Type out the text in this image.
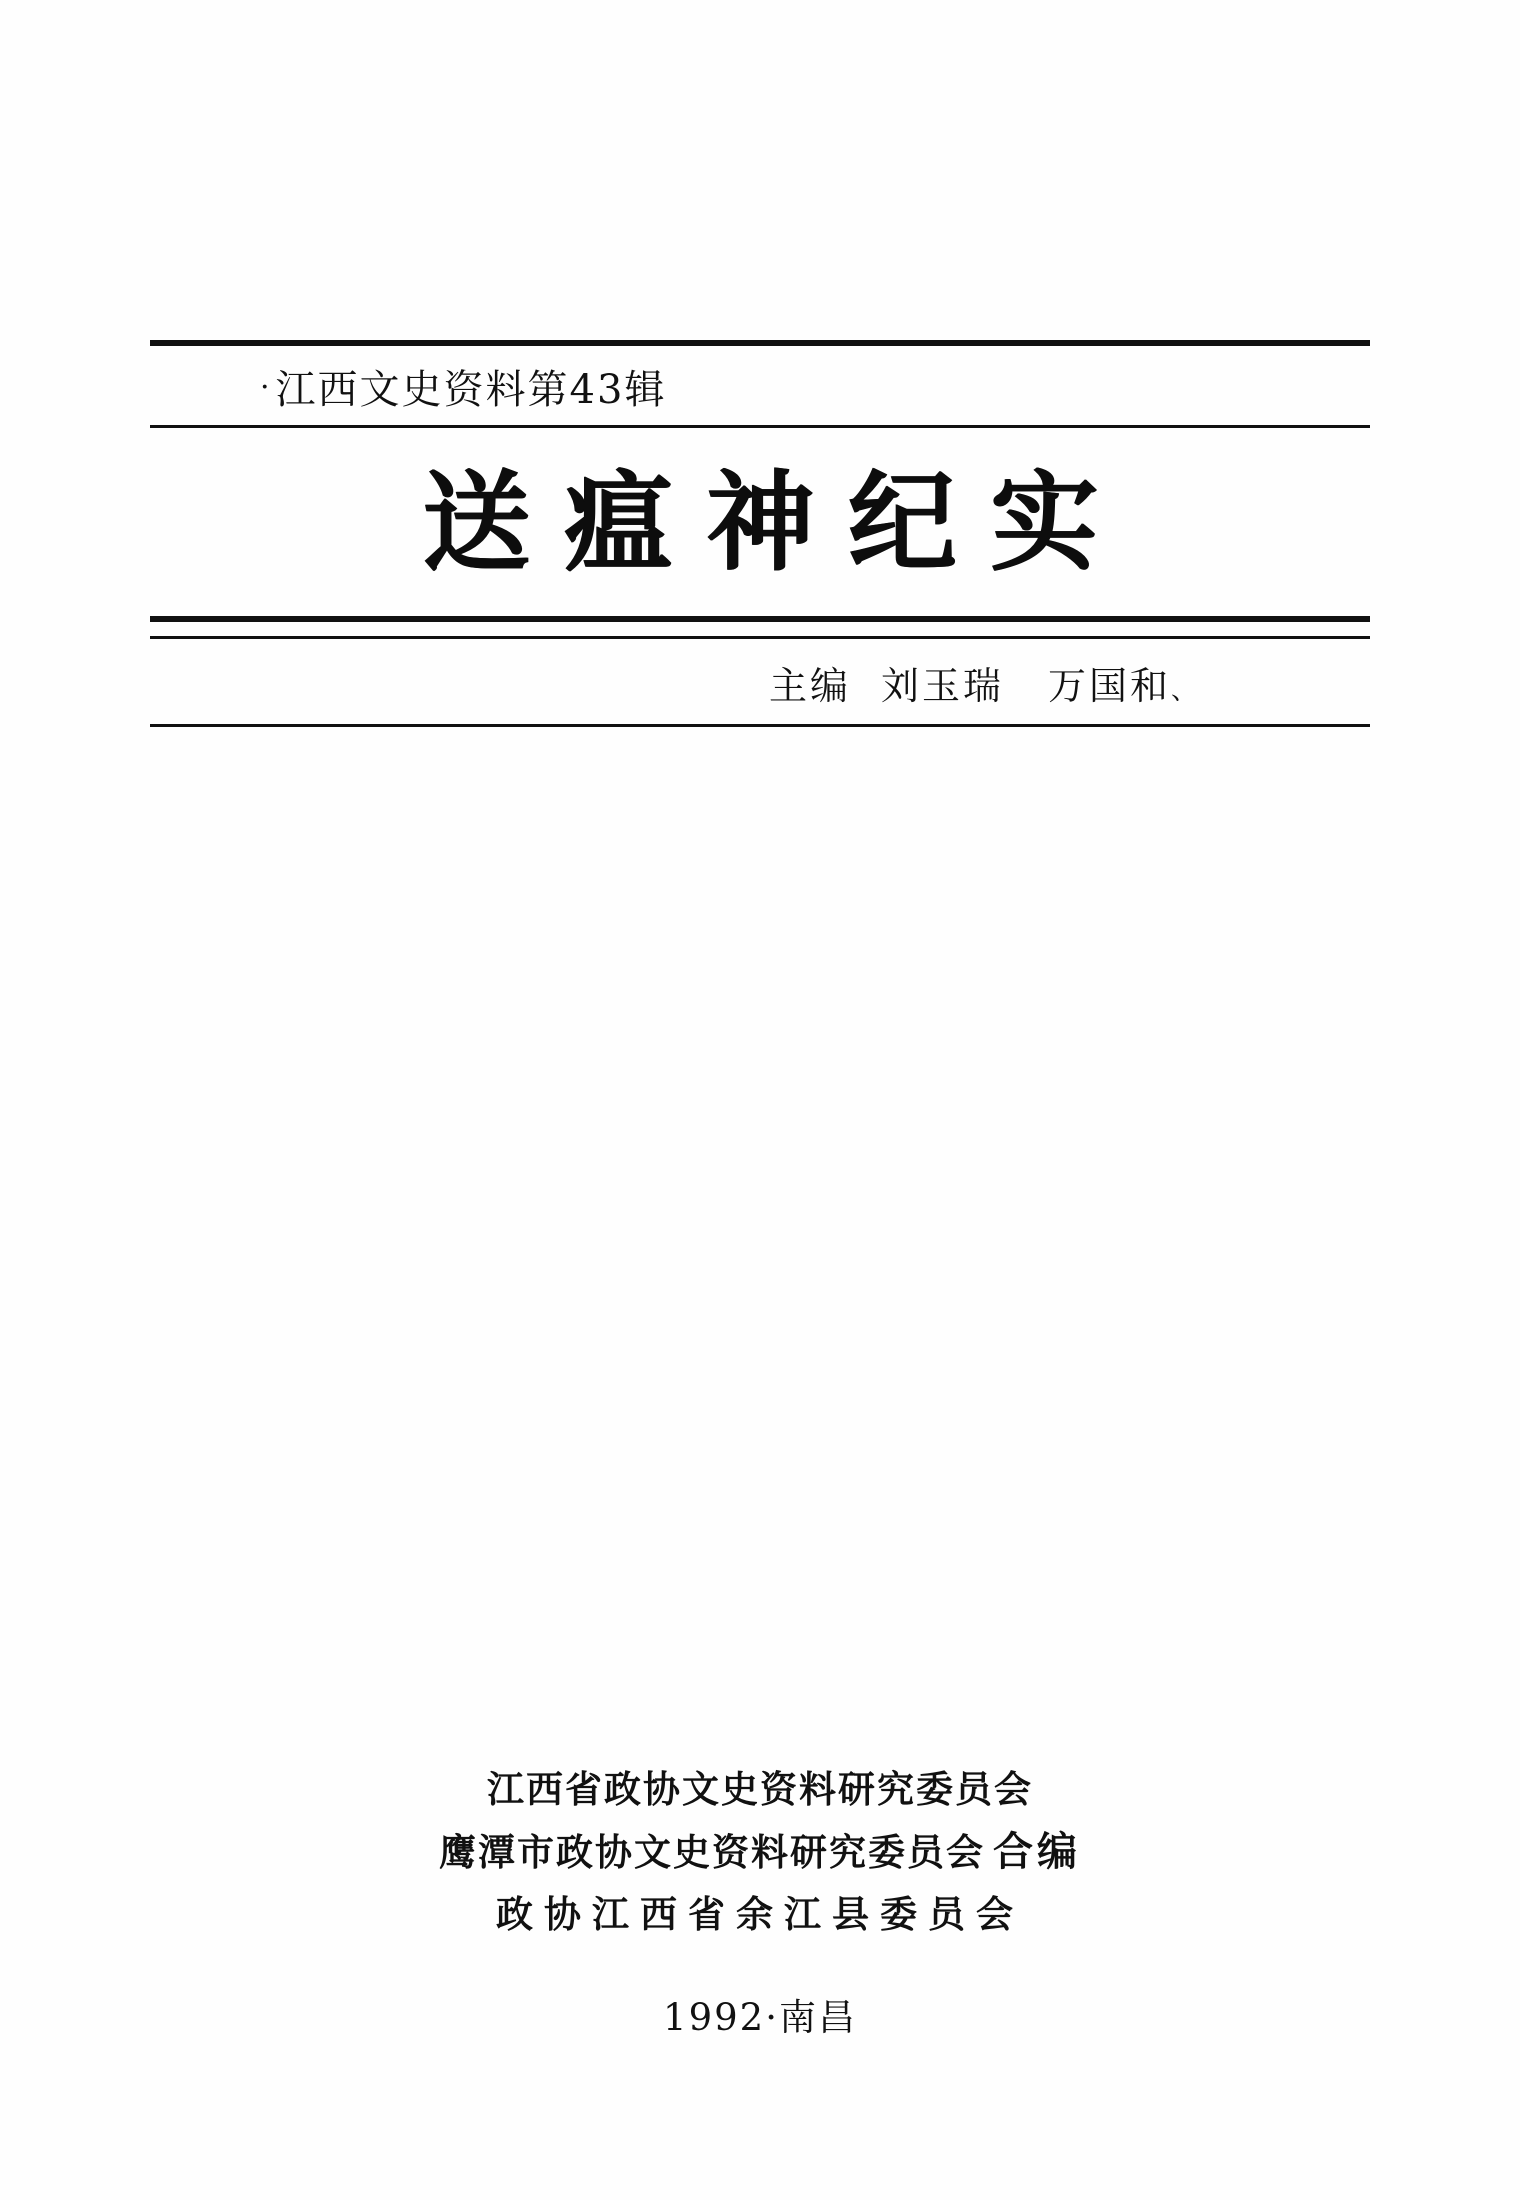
· 江西文史资料第43辑
送瘟神纪实
主编 刘玉瑞 万国和、
江西省政协文史资料研究委员会
鹰潭市政协文史资料研究委员会 合编
政协江西省余江县委员会
1992·南昌
